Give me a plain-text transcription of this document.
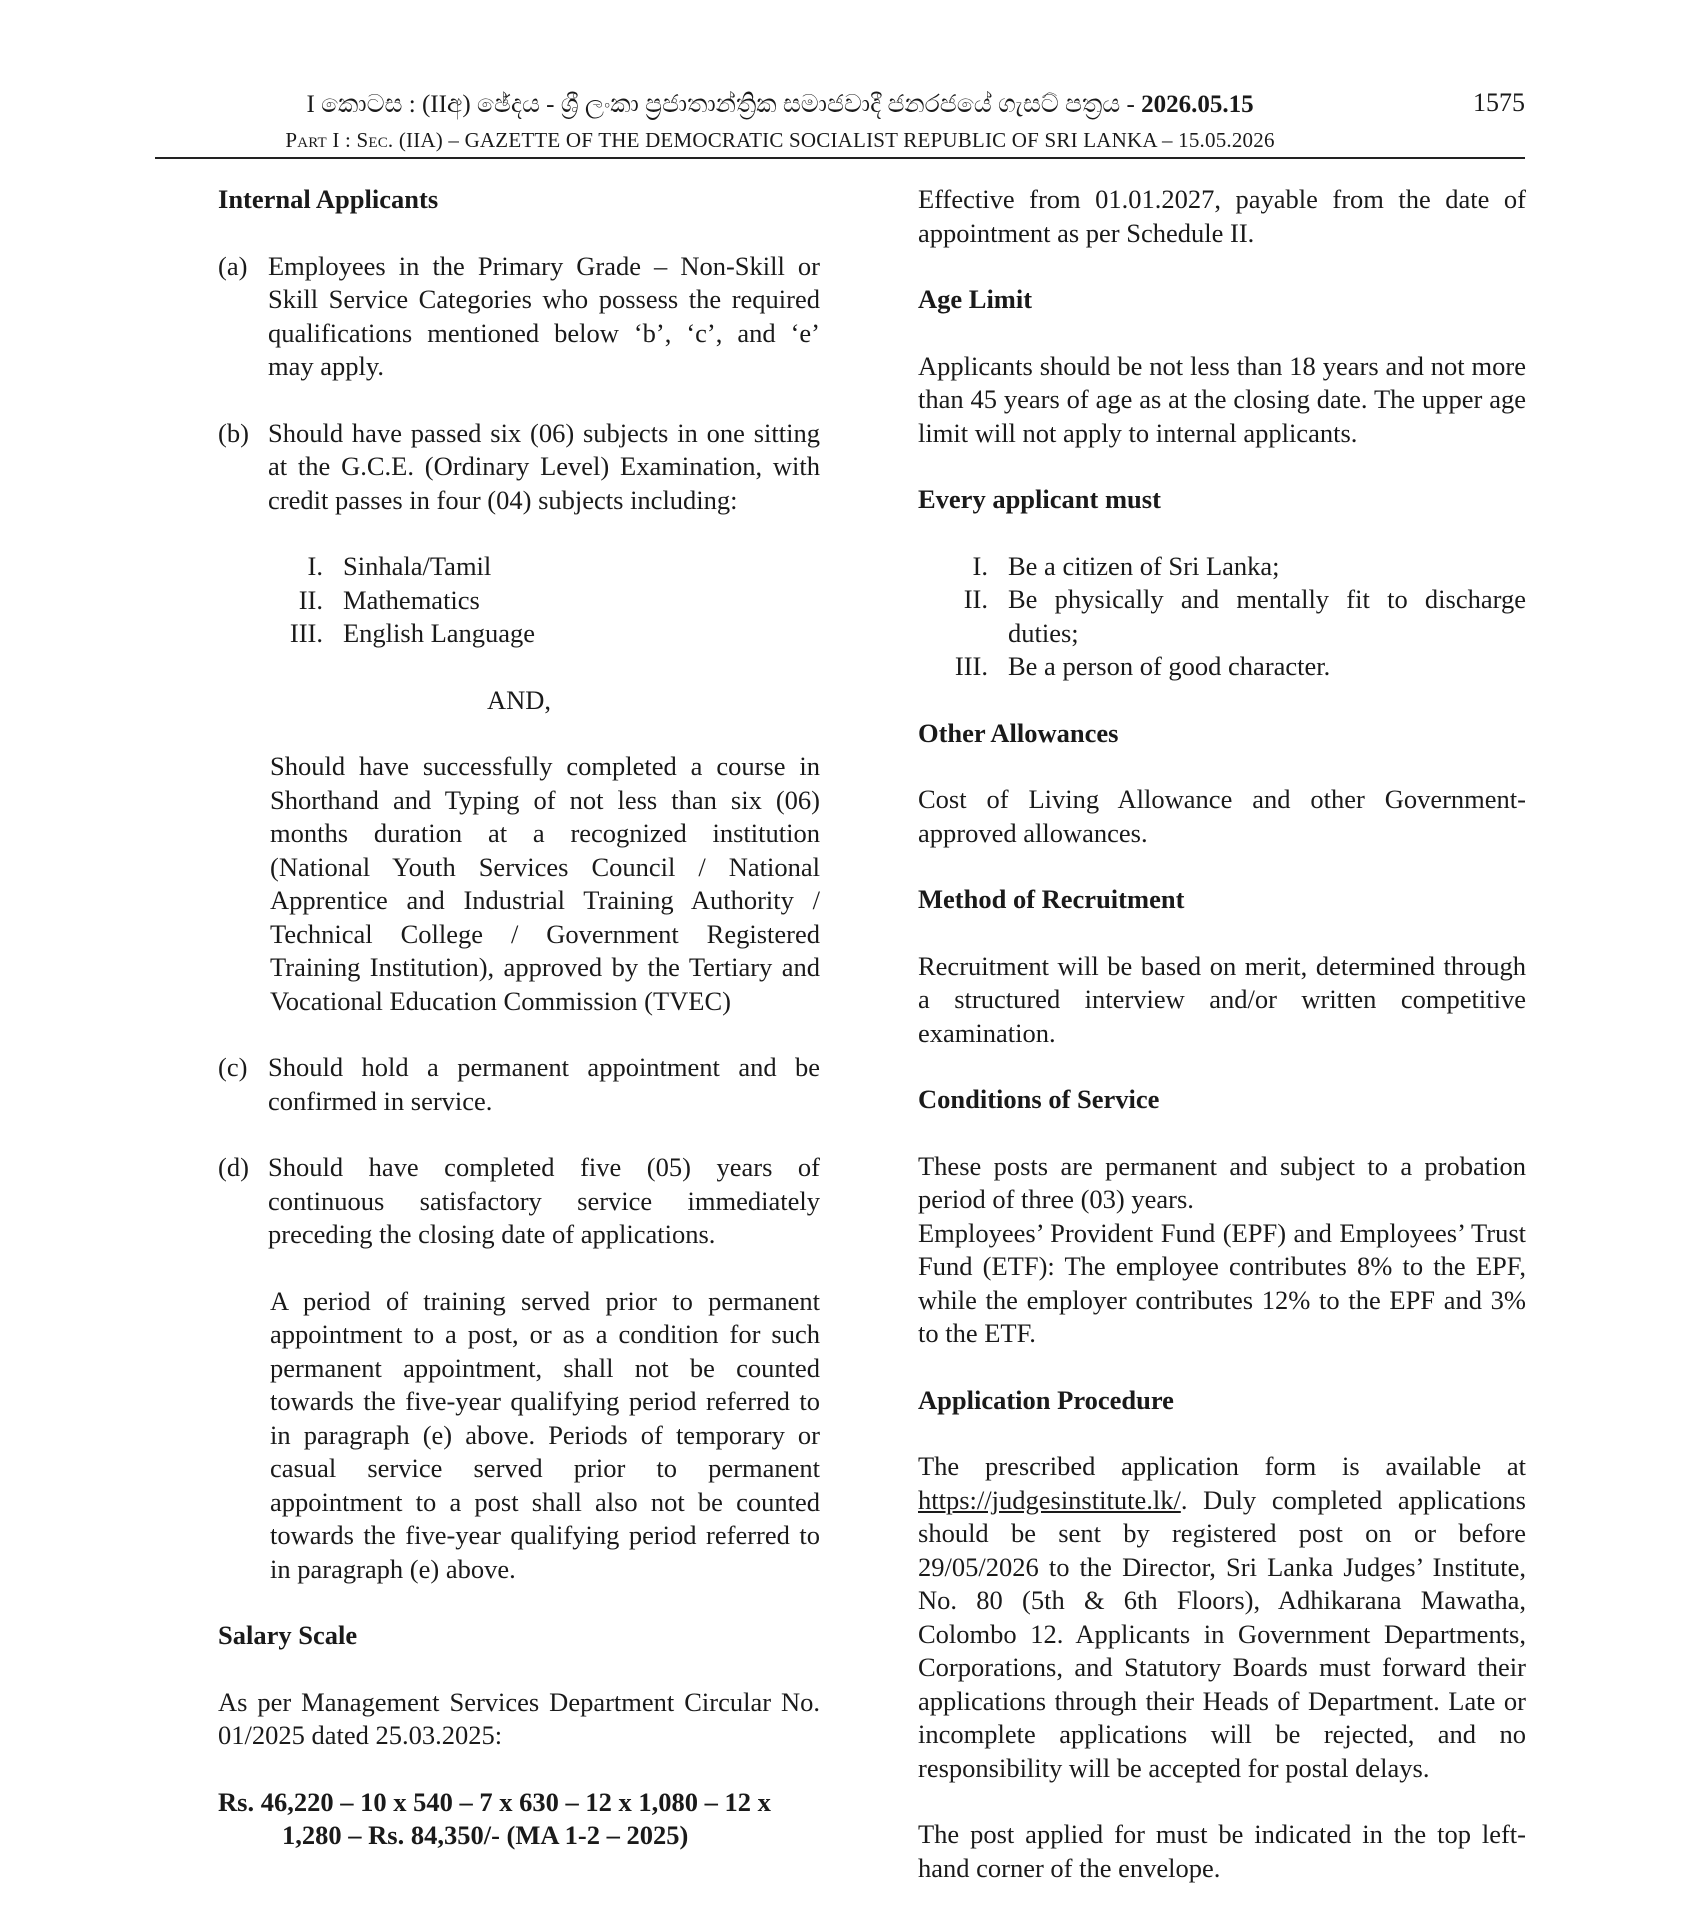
I කොටස : (IIඅ) ඡේදය - ශ්‍රී ලංකා ප්‍රජාතාන්ත්‍රික සමාජවාදී ජනරජයේ ගැසට් පත්‍රය - 2026.05.15
Part I : Sec. (IIA) – GAZETTE OF THE DEMOCRATIC SOCIALIST REPUBLIC OF SRI LANKA – 15.05.2026
1575
Internal Applicants
(a) Employees in the Primary Grade – Non-Skill or Skill Service Categories who possess the required qualifications mentioned below ‘b’, ‘c’, and ‘e’ may apply.
(b) Should have passed six (06) subjects in one sitting at the G.C.E. (Ordinary Level) Examination, with credit passes in four (04) subjects including:
I. Sinhala/Tamil
II. Mathematics
III. English Language
AND,
Should have successfully completed a course in Shorthand and Typing of not less than six (06) months duration at a recognized institution (National Youth Services Council / National Apprentice and Industrial Training Authority / Technical College / Government Registered Training Institution), approved by the Tertiary and Vocational Education Commission (TVEC)
(c) Should hold a permanent appointment and be confirmed in service.
(d) Should have completed five (05) years of continuous satisfactory service immediately preceding the closing date of applications.
A period of training served prior to permanent appointment to a post, or as a condition for such permanent appointment, shall not be counted towards the five-year qualifying period referred to in paragraph (e) above. Periods of temporary or casual service served prior to permanent appointment to a post shall also not be counted towards the five-year qualifying period referred to in paragraph (e) above.
Salary Scale
As per Management Services Department Circular No. 01/2025 dated 25.03.2025:
Rs. 46,220 – 10 x 540 – 7 x 630 – 12 x 1,080 – 12 x
1,280 – Rs. 84,350/- (MA 1-2 – 2025)
Effective from 01.01.2027, payable from the date of appointment as per Schedule II.
Age Limit
Applicants should be not less than 18 years and not more than 45 years of age as at the closing date. The upper age limit will not apply to internal applicants.
Every applicant must
I. Be a citizen of Sri Lanka;
II. Be physically and mentally fit to discharge duties;
III. Be a person of good character.
Other Allowances
Cost of Living Allowance and other Government-approved allowances.
Method of Recruitment
Recruitment will be based on merit, determined through a structured interview and/or written competitive examination.
Conditions of Service
These posts are permanent and subject to a probation period of three (03) years.
Employees’ Provident Fund (EPF) and Employees’ Trust Fund (ETF): The employee contributes 8% to the EPF, while the employer contributes 12% to the EPF and 3% to the ETF.
Application Procedure
The prescribed application form is available at https://judgesinstitute.lk/. Duly completed applications should be sent by registered post on or before 29/05/2026 to the Director, Sri Lanka Judges’ Institute, No. 80 (5th & 6th Floors), Adhikarana Mawatha, Colombo 12. Applicants in Government Departments, Corporations, and Statutory Boards must forward their applications through their Heads of Department. Late or incomplete applications will be rejected, and no responsibility will be accepted for postal delays.
The post applied for must be indicated in the top left-hand corner of the envelope.
